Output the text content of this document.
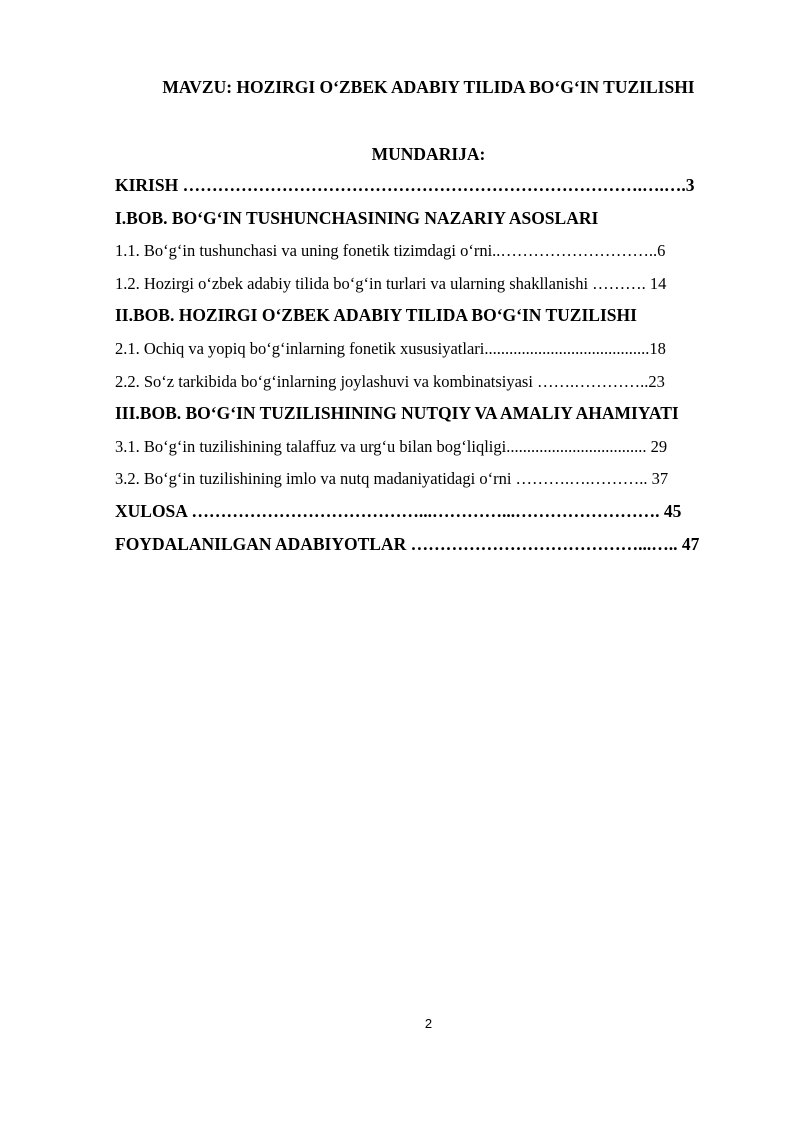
MAVZU: HOZIRGI O‘ZBEK ADABIY TILIDA BO‘G‘IN TUZILISHI
MUNDARIJA:
KIRISH …………………………………………………………………….….….3
I.BOB. BO‘G‘IN TUSHUNCHASINING NAZARIY ASOSLARI
1.1. Bo‘g‘in tushunchasi va uning fonetik tizimdagi o‘rni..………………………..6
1.2. Hozirgi o‘zbek adabiy tilida bo‘g‘in turlari va ularning shakllanishi ………. 14
II.BOB. HOZIRGI O‘ZBEK ADABIY TILIDA BO‘G‘IN TUZILISHI
2.1. Ochiq va yopiq bo‘g‘inlarning fonetik xususiyatlari........................................18
2.2. So‘z tarkibida bo‘g‘inlarning joylashuvi va kombinatsiyasi …….…………..23
III.BOB. BO‘G‘IN TUZILISHINING NUTQIY VA AMALIY AHAMIYATI
3.1. Bo‘g‘in tuzilishining talaffuz va urg‘u bilan bog‘liqligi.................................. 29
3.2. Bo‘g‘in tuzilishining imlo va nutq madaniyatidagi o‘rni ……….….……….. 37
XULOSA …………………………………...…………...……………………. 45
FOYDALANILGAN ADABIYOTLAR …………………………………...….. 47
2
